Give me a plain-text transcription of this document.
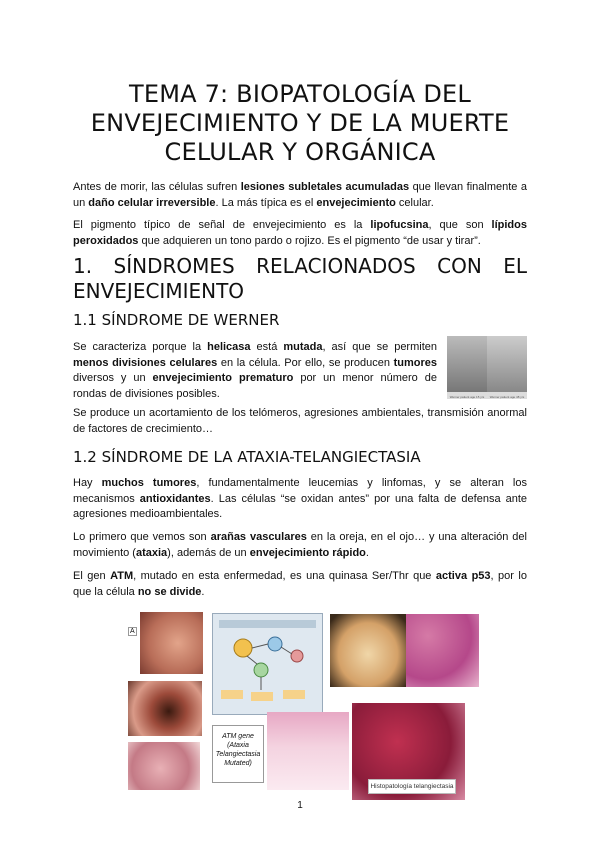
TEMA 7: BIOPATOLOGÍA DEL
ENVEJECIMIENTO Y DE LA MUERTE
CELULAR Y ORGÁNICA

Antes de morir, las células sufren lesiones subletales acumuladas que llevan finalmente a un daño celular irreversible. La más típica es el envejecimiento celular.

El pigmento típico de señal de envejecimiento es la lipofucsina, que son lípidos peroxidados que adquieren un tono pardo o rojizo. Es el pigmento “de usar y tirar”.

1. SÍNDROMES RELACIONADOS CON EL ENVEJECIMIENTO
1.1 SÍNDROME DE WERNER

Se caracteriza porque la helicasa está mutada, así que se permiten menos divisiones celulares en la célula. Por ello, se producen tumores diversos y un envejecimiento prematuro por un menor número de rondas de divisiones posibles.	Werner patient age 15 yrs	Werner patient age 48 yrs

Se produce un acortamiento de los telómeros, agresiones ambientales, transmisión anormal de factores de crecimiento…

1.2 SÍNDROME DE LA ATAXIA-TELANGIECTASIA

Hay muchos tumores, fundamentalmente leucemias y linfomas, y se alteran los mecanismos antioxidantes. Las células “se oxidan antes” por una falta de defensa ante agresiones medioambientales.

Lo primero que vemos son arañas vasculares en la oreja, en el ojo… y una alteración del movimiento (ataxia), además de un envejecimiento rápido.

El gen ATM, mutado en esta enfermedad, es una quinasa Ser/Thr que activa p53, por lo que la célula no se divide.

A
ATM gene
(Ataxia
Telangiectasia
Mutated)
Histopatología telangiectasia
1
